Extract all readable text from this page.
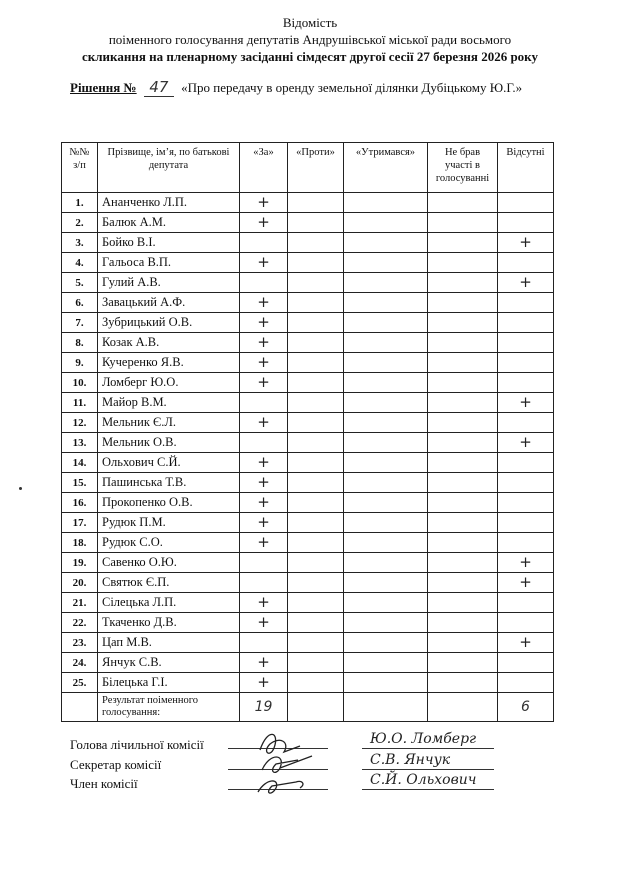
Відомість
поіменного голосування депутатів Андрушівської міської ради восьмого
скликання на пленарному засіданні сімдесят другої сесії 27 березня 2026 року
Рішення № 47 «Про передачу в оренду земельної ділянки Дубіцькому Ю.Г.»
№№ з/п	Прізвище, ім’я, по батькові депутата	«За»	«Проти»	«Утримався»	Не брав участі в голосуванні	Відсутні
1.	Ананченко Л.П.	+				
2.	Балюк А.М.	+				
3.	Бойко В.І.					+
4.	Гальоса В.П.	+				
5.	Гулий А.В.					+
6.	Завацький А.Ф.	+				
7.	Зубрицький О.В.	+				
8.	Козак А.В.	+				
9.	Кучеренко Я.В.	+				
10.	Ломберг Ю.О.	+				
11.	Майор В.М.					+
12.	Мельник Є.Л.	+				
13.	Мельник О.В.					+
14.	Ольхович С.Й.	+				
15.	Пашинська Т.В.	+				
16.	Прокопенко О.В.	+				
17.	Рудюк П.М.	+				
18.	Рудюк С.О.	+				
19.	Савенко О.Ю.					+
20.	Святюк Є.П.					+
21.	Сілецька Л.П.	+				
22.	Ткаченко Д.В.	+				
23.	Цап М.В.					+
24.	Янчук С.В.	+				
25.	Білецька Г.І.	+				
	Результат поіменного голосування:	19				6
Голова лічильної комісії
Секретар комісії
Член комісії
Ю.О. Ломберг
С.В. Янчук
С.Й. Ольхович
